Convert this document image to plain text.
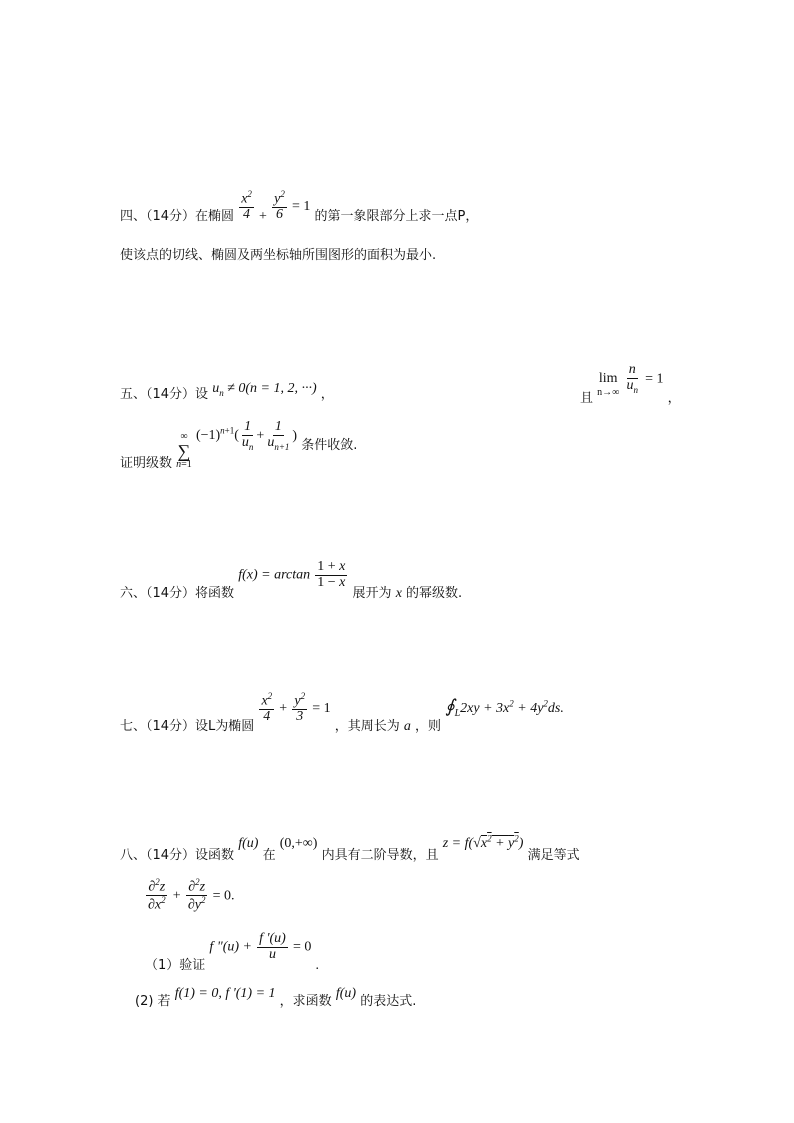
四、（14分）在椭圆 $\frac{x^2}{4} + \frac{y^2}{6} = 1$ 的第一象限部分上求一点P，
使该点的切线、椭圆及两坐标轴所围图形的面积为最小.
五、（14分）设 $u_n \ne 0(n = 1$, 2, ···) ，	且
lim
n→∞
$\frac{n}{u_n} = 1$ ，
证明级数
∞
∑
n=1
$(-1)^{n+1}( \frac{1}{u_n} + \frac{1}{u_{n+1}}$ ) 条件收敛.
六、（14分）将函数 $f(x) = \arctan \frac{1 + x}{1 - x}$
展开为 x 的幂级数.
七、（14分）设L为椭圆
$\frac{x^2}{4} + \frac{y^2}{3} = 1$ ，其周长为 a ，则 $∮_L2xy + 3x^2 + 4y^2ds$.
八、（14分）设函数 f(u) 在 (0,+∞) 内具有二阶导数，且 $z = f(√x^2 + y^2)$ 满足等式
$\frac{\partial^2z}{\partial x^2} + \frac{\partial^2z}{\partial y^2} = 0$.
（1）验证 f "$(u) + \frac{f '(u)}{u} = 0$ .
(2) 若 f(1) = 0, f '(1) = 1 ，求函数 f(u) 的表达式.
